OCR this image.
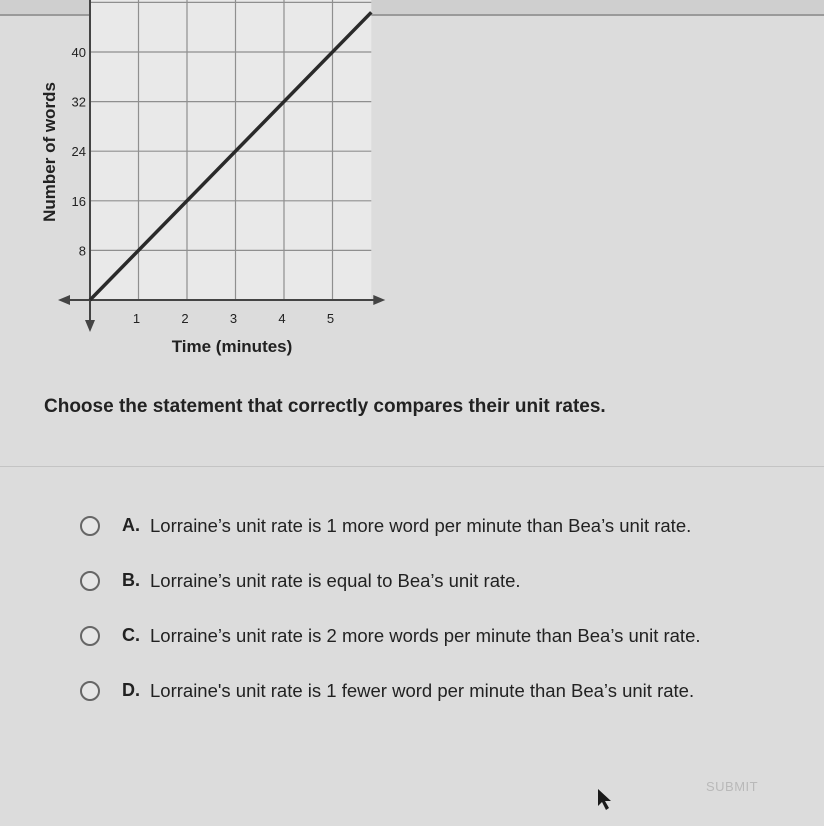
8
16
24
32
40
1	2	3	4	5
Time (minutes)
Number of words
Choose the statement that correctly compares their unit rates.
A. Lorraine’s unit rate is 1 more word per minute than Bea’s unit rate.
B. Lorraine’s unit rate is equal to Bea’s unit rate.
C. Lorraine’s unit rate is 2 more words per minute than Bea’s unit rate.
D. Lorraine's unit rate is 1 fewer word per minute than Bea’s unit rate.
SUBMIT
